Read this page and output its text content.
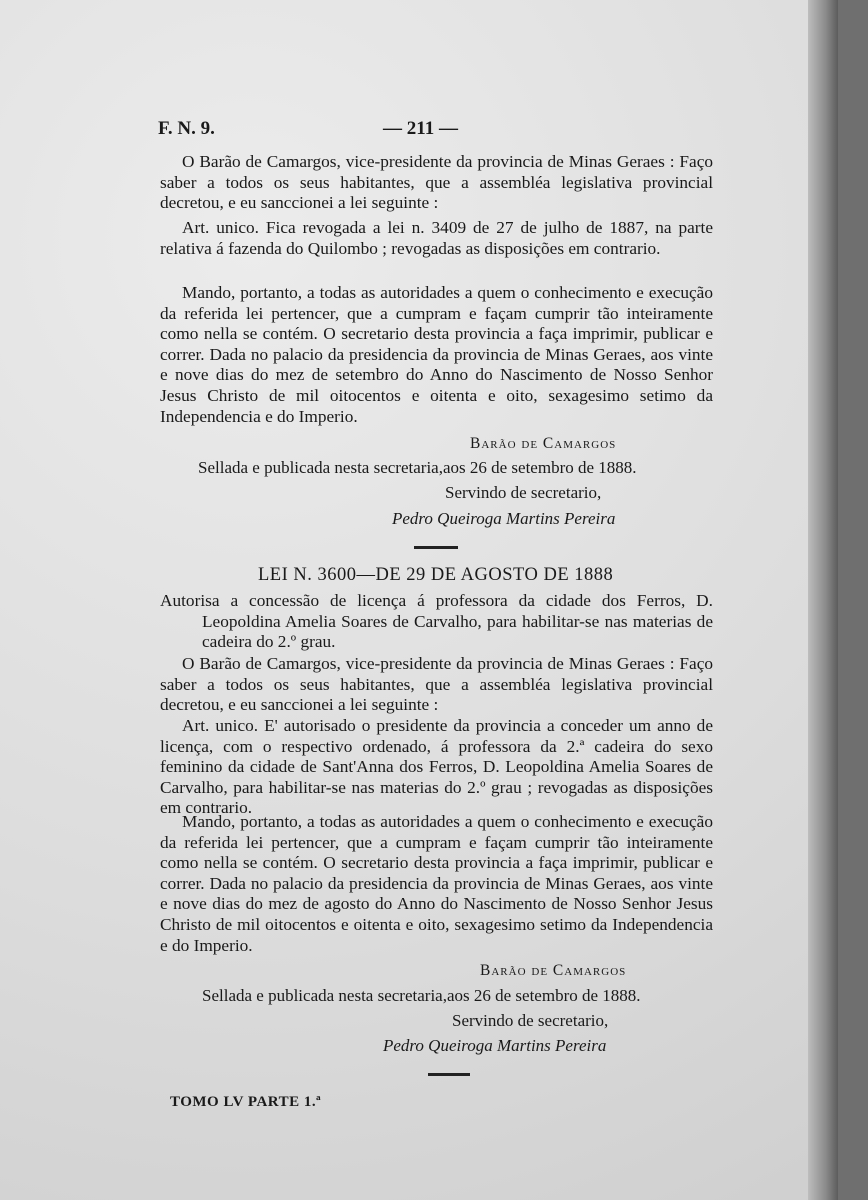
F. N. 9.	— 211 —

O Barão de Camargos, vice-presidente da provincia de Minas Geraes : Faço saber a todos os seus habitantes, que a assembléa legislativa provincial decretou, e eu sanccionei a lei seguinte :

Art. unico. Fica revogada a lei n. 3409 de 27 de julho de 1887, na parte relativa á fazenda do Quilombo ; revogadas as disposições em contrario.

Mando, portanto, a todas as autoridades a quem o conhecimento e execução da referida lei pertencer, que a cumpram e façam cumprir tão inteiramente como nella se contém. O secretario desta provincia a faça imprimir, publicar e correr. Dada no palacio da presidencia da provincia de Minas Geraes, aos vinte e nove dias do mez de setembro do Anno do Nascimento de Nosso Senhor Jesus Christo de mil oitocentos e oitenta e oito, sexagesimo setimo da Independencia e do Imperio.

Barão de Camargos
Sellada e publicada nesta secretaria,aos 26 de setembro de 1888.
Servindo de secretario,
Pedro Queiroga Martins Pereira
LEI N. 3600—DE 29 DE AGOSTO DE 1888

Autorisa a concessão de licença á professora da cidade dos Ferros, D. Leopoldina Amelia Soares de Carvalho, para habilitar-se nas materias de cadeira do 2.º grau.

O Barão de Camargos, vice-presidente da provincia de Minas Geraes : Faço saber a todos os seus habitantes, que a assembléa legislativa provincial decretou, e eu sanccionei a lei seguinte :

Art. unico. E' autorisado o presidente da provincia a conceder um anno de licença, com o respectivo ordenado, á professora da 2.ª cadeira do sexo feminino da cidade de Sant'Anna dos Ferros, D. Leopoldina Amelia Soares de Carvalho, para habilitar-se nas materias do 2.º grau ; revogadas as disposições em contrario.

Mando, portanto, a todas as autoridades a quem o conhecimento e execução da referida lei pertencer, que a cumpram e façam cumprir tão inteiramente como nella se contém. O secretario desta provincia a faça imprimir, publicar e correr. Dada no palacio da presidencia da provincia de Minas Geraes, aos vinte e nove dias do mez de agosto do Anno do Nascimento de Nosso Senhor Jesus Christo de mil oitocentos e oitenta e oito, sexagesimo setimo da Independencia e do Imperio.

Barão de Camargos
Sellada e publicada nesta secretaria,aos 26 de setembro de 1888.
Servindo de secretario,
Pedro Queiroga Martins Pereira
TOMO LV PARTE 1.ª
